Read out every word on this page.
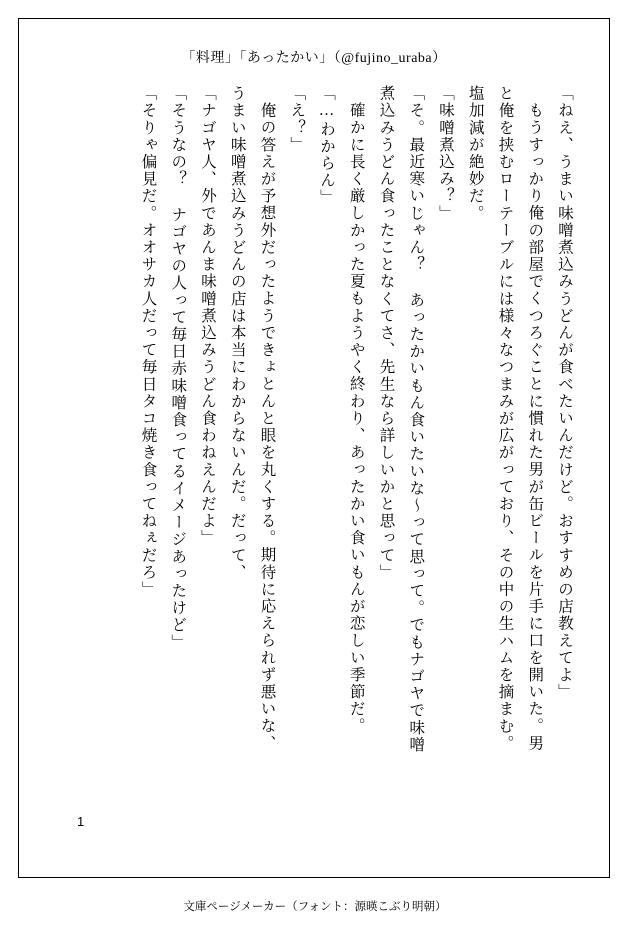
「料理」「あったかい」（@fujino_uraba）
「ねえ、うまい味噌煮込みうどんが食べたいんだけど。おすすめの店教えてよ」
もうすっかり俺の部屋でくつろぐことに慣れた男が缶ビールを片手に口を開いた。男
と俺を挟むローテーブルには様々なつまみが広がっており、その中の生ハムを摘まむ。
塩加減が絶妙だ。
「味噌煮込み？」
「そ。最近寒いじゃん？ あったかいもん食いたいな～って思って。でもナゴヤで味噌
煮込みうどん食ったことなくてさ、先生なら詳しいかと思って」
確かに長く厳しかった夏もようやく終わり、あったかい食いもんが恋しい季節だ。
「…わからん」
「え？」
俺の答えが予想外だったようできょとんと眼を丸くする。期待に応えられず悪いな、
うまい味噌煮込みうどんの店は本当にわからないんだ。だって、
「ナゴヤ人、外であんま味噌煮込みうどん食わねえんだよ」
「そうなの？ ナゴヤの人って毎日赤味噌食ってるイメージあったけど」
「そりゃ偏見だ。オオサカ人だって毎日タコ焼き食ってねぇだろ」
1
文庫ページメーカー（フォント：源暎こぶり明朝）
